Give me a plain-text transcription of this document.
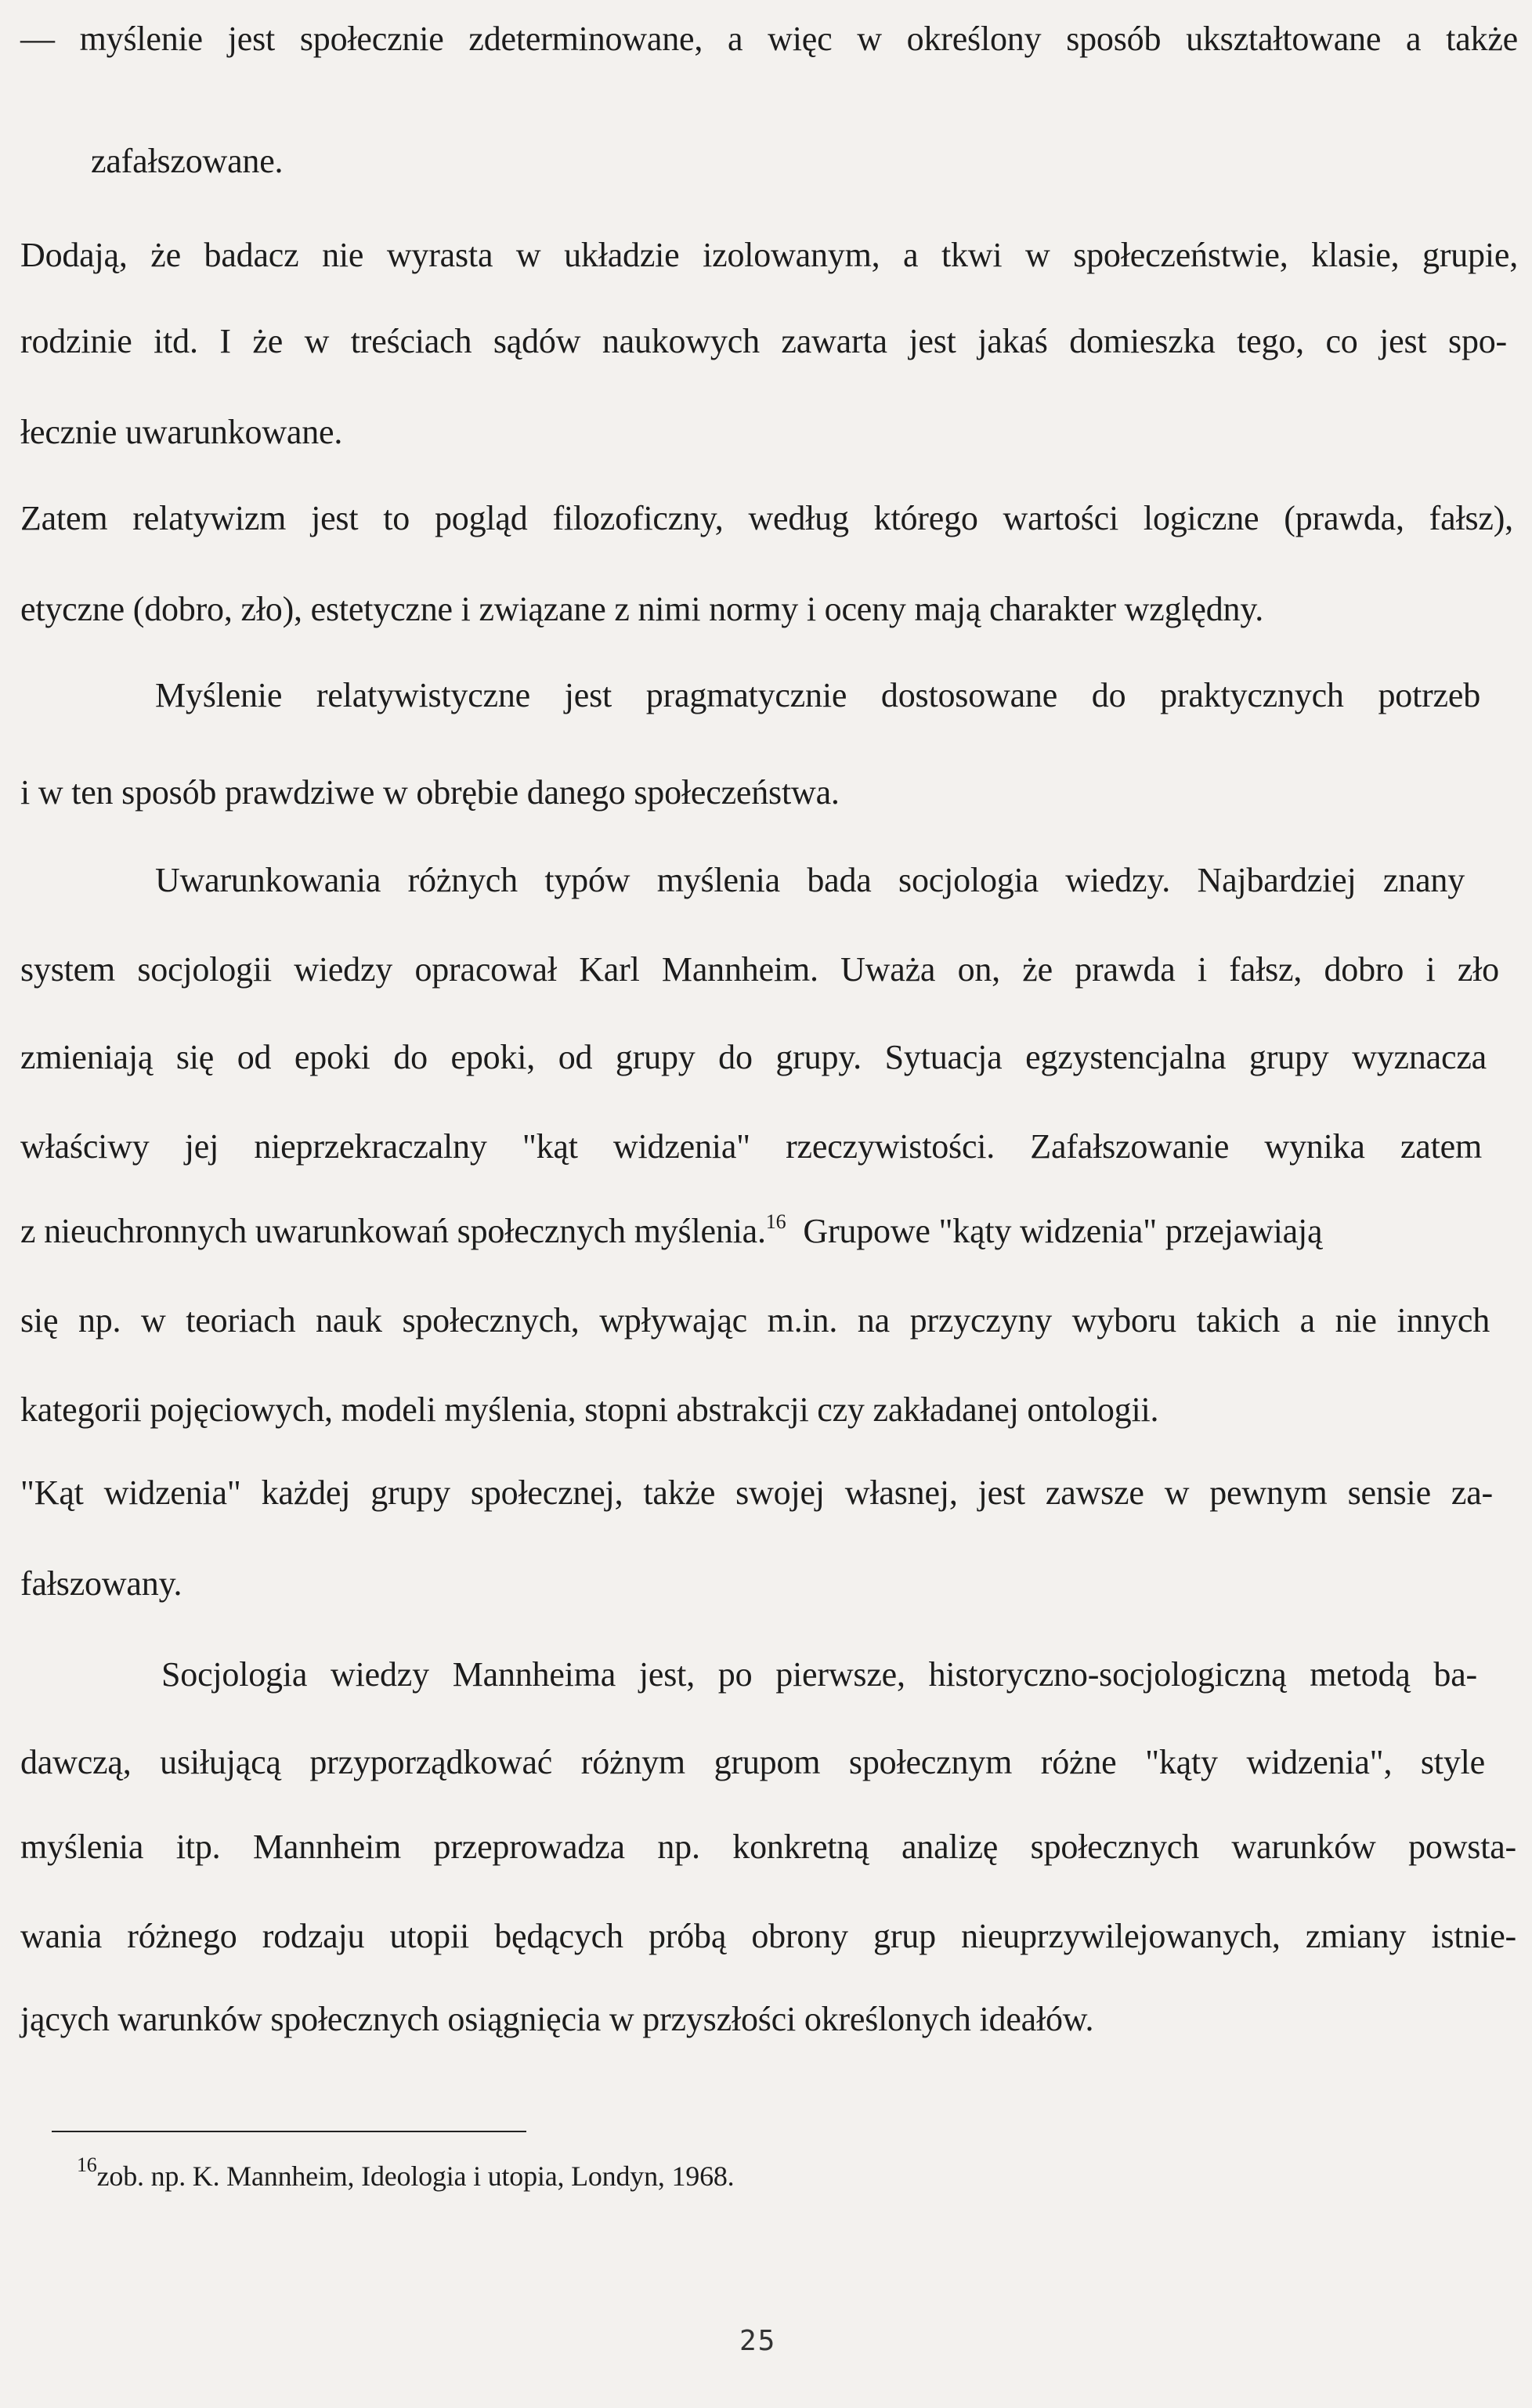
— myślenie jest społecznie zdeterminowane, a więc w określony sposób ukształtowane a także
zafałszowane.
Dodają, że badacz nie wyrasta w układzie izolowanym, a tkwi w społeczeństwie, klasie, grupie,
rodzinie itd. I że w treściach sądów naukowych zawarta jest jakaś domieszka tego, co jest spo-
łecznie uwarunkowane.
Zatem relatywizm jest to pogląd filozoficzny, według którego wartości logiczne (prawda, fałsz),
etyczne (dobro, zło), estetyczne i związane z nimi normy i oceny mają charakter względny.
Myślenie relatywistyczne jest pragmatycznie dostosowane do praktycznych potrzeb
i w ten sposób prawdziwe w obrębie danego społeczeństwa.
Uwarunkowania różnych typów myślenia bada socjologia wiedzy. Najbardziej znany
system socjologii wiedzy opracował Karl Mannheim. Uważa on, że prawda i fałsz, dobro i zło
zmieniają się od epoki do epoki, od grupy do grupy. Sytuacja egzystencjalna grupy wyznacza
właściwy jej nieprzekraczalny "kąt widzenia" rzeczywistości. Zafałszowanie wynika zatem
z nieuchronnych uwarunkowań społecznych myślenia.$^{16}$ Grupowe "kąty widzenia" przejawiają
się np. w teoriach nauk społecznych, wpływając m.in. na przyczyny wyboru takich a nie innych
kategorii pojęciowych, modeli myślenia, stopni abstrakcji czy zakładanej ontologii.
"Kąt widzenia" każdej grupy społecznej, także swojej własnej, jest zawsze w pewnym sensie za-
fałszowany.
Socjologia wiedzy Mannheima jest, po pierwsze, historyczno-socjologiczną metodą ba-
dawczą, usiłującą przyporządkować różnym grupom społecznym różne "kąty widzenia", style
myślenia itp. Mannheim przeprowadza np. konkretną analizę społecznych warunków powsta-
wania różnego rodzaju utopii będących próbą obrony grup nieuprzywilejowanych, zmiany istnie-
jących warunków społecznych osiągnięcia w przyszłości określonych ideałów.
$^{16}$zob. np. K. Mannheim, Ideologia i utopia, Londyn, 1968.
25
